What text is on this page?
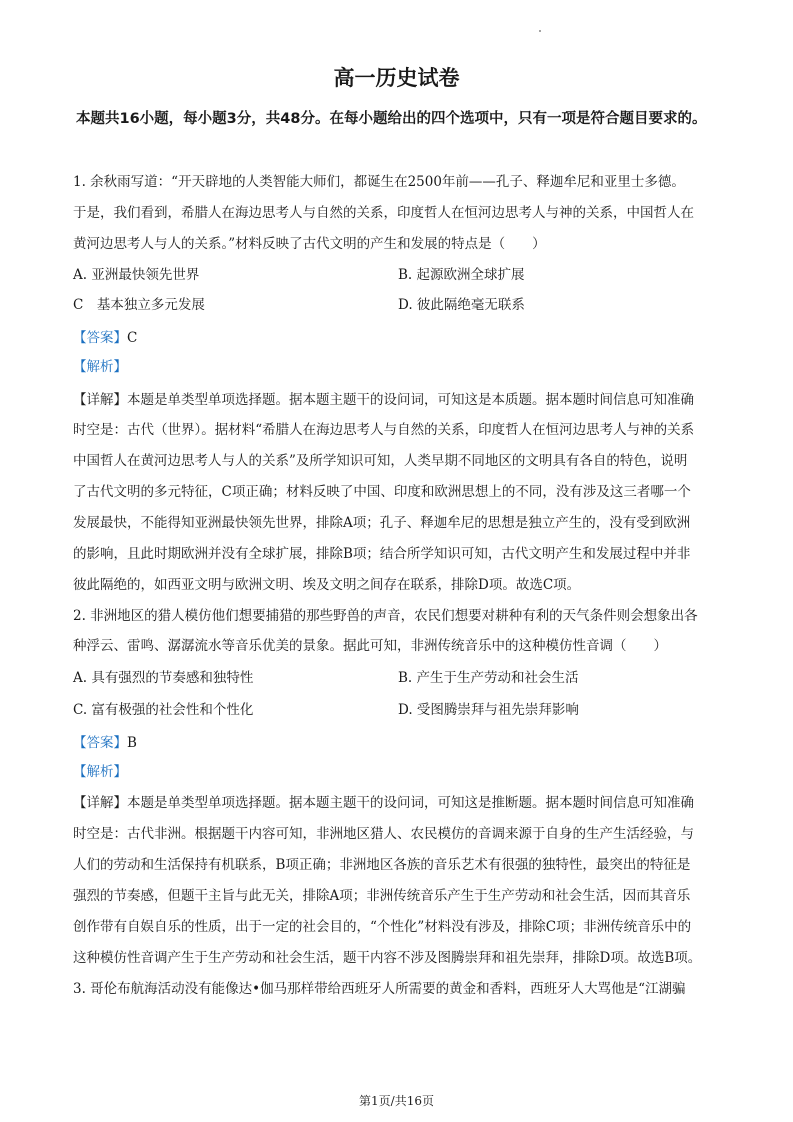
高一历史试卷
本题共16小题，每小题3分，共48分。在每小题给出的四个选项中，只有一项是符合题目要求的。
1. 余秋雨写道：“开天辟地的人类智能大师们，都诞生在2500年前——孔子、释迦牟尼和亚里士多德。
于是，我们看到，希腊人在海边思考人与自然的关系，印度哲人在恒河边思考人与神的关系，中国哲人在
黄河边思考人与人的关系。”材料反映了古代文明的产生和发展的特点是（　　）
A. 亚洲最快领先世界	B. 起源欧洲全球扩展
C　基本独立多元发展	D. 彼此隔绝毫无联系
【答案】C
【解析】
【详解】本题是单类型单项选择题。据本题主题干的设问词，可知这是本质题。据本题时间信息可知准确
时空是：古代（世界）。据材料“希腊人在海边思考人与自然的关系，印度哲人在恒河边思考人与神的关系
中国哲人在黄河边思考人与人的关系”及所学知识可知，人类早期不同地区的文明具有各自的特色，说明
了古代文明的多元特征，C项正确；材料反映了中国、印度和欧洲思想上的不同，没有涉及这三者哪一个
发展最快，不能得知亚洲最快领先世界，排除A项；孔子、释迦牟尼的思想是独立产生的，没有受到欧洲
的影响，且此时期欧洲并没有全球扩展，排除B项；结合所学知识可知，古代文明产生和发展过程中并非
彼此隔绝的，如西亚文明与欧洲文明、埃及文明之间存在联系，排除D项。故选C项。
2. 非洲地区的猎人模仿他们想要捕猎的那些野兽的声音，农民们想要对耕种有利的天气条件则会想象出各
种浮云、雷鸣、潺潺流水等音乐优美的景象。据此可知，非洲传统音乐中的这种模仿性音调（　　）
A. 具有强烈的节奏感和独特性	B. 产生于生产劳动和社会生活
C. 富有极强的社会性和个性化	D. 受图腾崇拜与祖先崇拜影响
【答案】B
【解析】
【详解】本题是单类型单项选择题。据本题主题干的设问词，可知这是推断题。据本题时间信息可知准确
时空是：古代非洲。根据题干内容可知，非洲地区猎人、农民模仿的音调来源于自身的生产生活经验，与
人们的劳动和生活保持有机联系，B项正确；非洲地区各族的音乐艺术有很强的独特性，最突出的特征是
强烈的节奏感，但题干主旨与此无关，排除A项；非洲传统音乐产生于生产劳动和社会生活，因而其音乐
创作带有自娱自乐的性质，出于一定的社会目的，“个性化”材料没有涉及，排除C项；非洲传统音乐中的
这种模仿性音调产生于生产劳动和社会生活，题干内容不涉及图腾崇拜和祖先崇拜，排除D项。故选B项。
3. 哥伦布航海活动没有能像达•伽马那样带给西班牙人所需要的黄金和香料，西班牙人大骂他是“江湖骗
第1页/共16页
